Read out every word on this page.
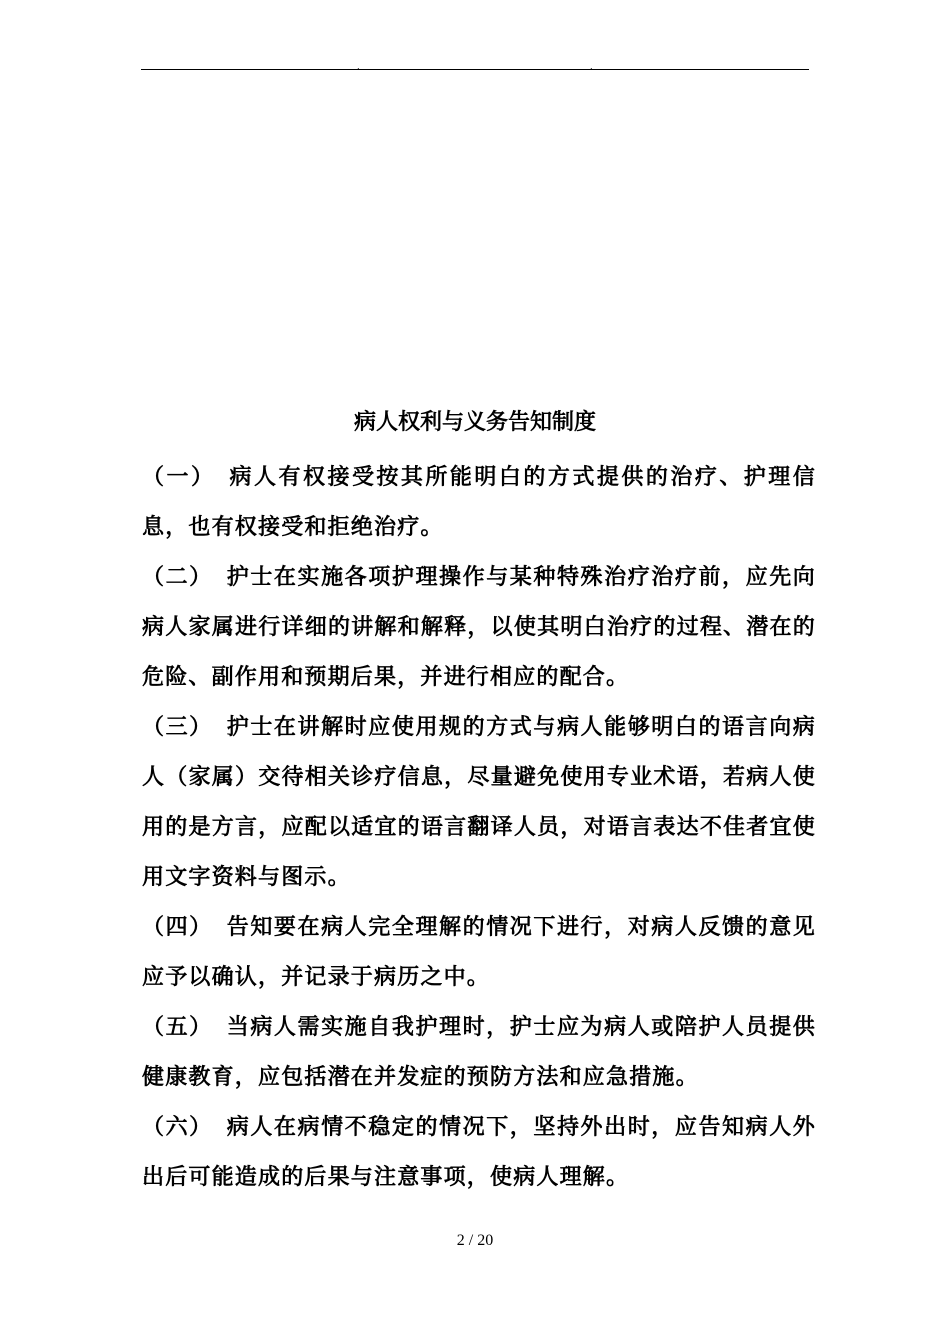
.	.
病人权利与义务告知制度

（一） 病人有权接受按其所能明白的方式提供的治疗、护理信息，也有权接受和拒绝治疗。

（二） 护士在实施各项护理操作与某种特殊治疗治疗前，应先向病人家属进行详细的讲解和解释，以使其明白治疗的过程、潜在的危险、副作用和预期后果，并进行相应的配合。

（三） 护士在讲解时应使用规的方式与病人能够明白的语言向病人（家属）交待相关诊疗信息，尽量避免使用专业术语，若病人使用的是方言，应配以适宜的语言翻译人员，对语言表达不佳者宜使用文字资料与图示。

（四） 告知要在病人完全理解的情况下进行，对病人反馈的意见应予以确认，并记录于病历之中。

（五） 当病人需实施自我护理时，护士应为病人或陪护人员提供健康教育，应包括潜在并发症的预防方法和应急措施。

（六） 病人在病情不稳定的情况下，坚持外出时，应告知病人外出后可能造成的后果与注意事项，使病人理解。

2 / 20
